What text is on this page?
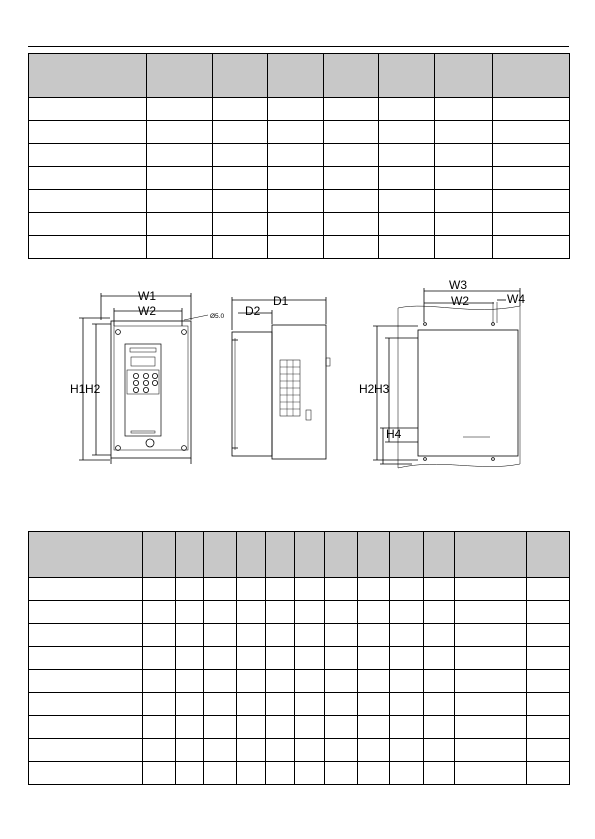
W1
W2	Ø5.0
H1 H2
D1
D2
W3
W2	W4
H2 H3
H4
